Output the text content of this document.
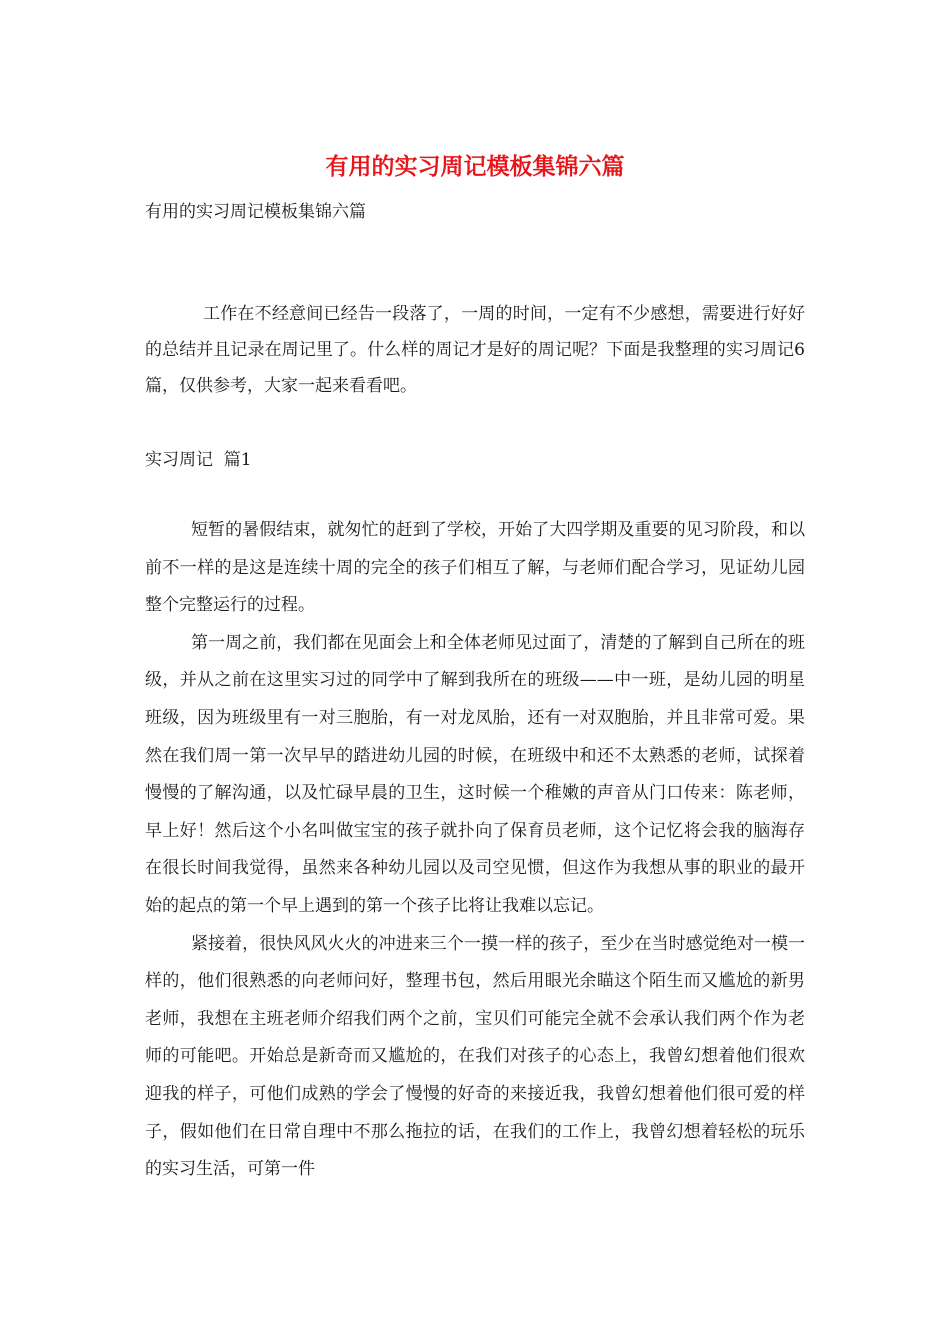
有用的实习周记模板集锦六篇

有用的实习周记模板集锦六篇

工作在不经意间已经告一段落了，一周的时间，一定有不少感想，需要进行好好的总结并且记录在周记里了。什么样的周记才是好的周记呢？下面是我整理的实习周记6篇，仅供参考，大家一起来看看吧。

实习周记  篇1

短暂的暑假结束，就匆忙的赶到了学校，开始了大四学期及重要的见习阶段，和以前不一样的是这是连续十周的完全的孩子们相互了解，与老师们配合学习，见证幼儿园整个完整运行的过程。

第一周之前，我们都在见面会上和全体老师见过面了，清楚的了解到自己所在的班级，并从之前在这里实习过的同学中了解到我所在的班级——中一班，是幼儿园的明星班级，因为班级里有一对三胞胎，有一对龙凤胎，还有一对双胞胎，并且非常可爱。果然在我们周一第一次早早的踏进幼儿园的时候，在班级中和还不太熟悉的老师，试探着慢慢的了解沟通，以及忙碌早晨的卫生，这时候一个稚嫩的声音从门口传来：陈老师，早上好！然后这个小名叫做宝宝的孩子就扑向了保育员老师，这个记忆将会我的脑海存在很长时间我觉得，虽然来各种幼儿园以及司空见惯，但这作为我想从事的职业的最开始的起点的第一个早上遇到的第一个孩子比将让我难以忘记。

紧接着，很快风风火火的冲进来三个一摸一样的孩子，至少在当时感觉绝对一模一样的，他们很熟悉的向老师问好，整理书包，然后用眼光余瞄这个陌生而又尴尬的新男老师，我想在主班老师介绍我们两个之前，宝贝们可能完全就不会承认我们两个作为老师的可能吧。开始总是新奇而又尴尬的，在我们对孩子的心态上，我曾幻想着他们很欢迎我的样子，可他们成熟的学会了慢慢的好奇的来接近我，我曾幻想着他们很可爱的样子，假如他们在日常自理中不那么拖拉的话，在我们的工作上，我曾幻想着轻松的玩乐的实习生活，可第一件
